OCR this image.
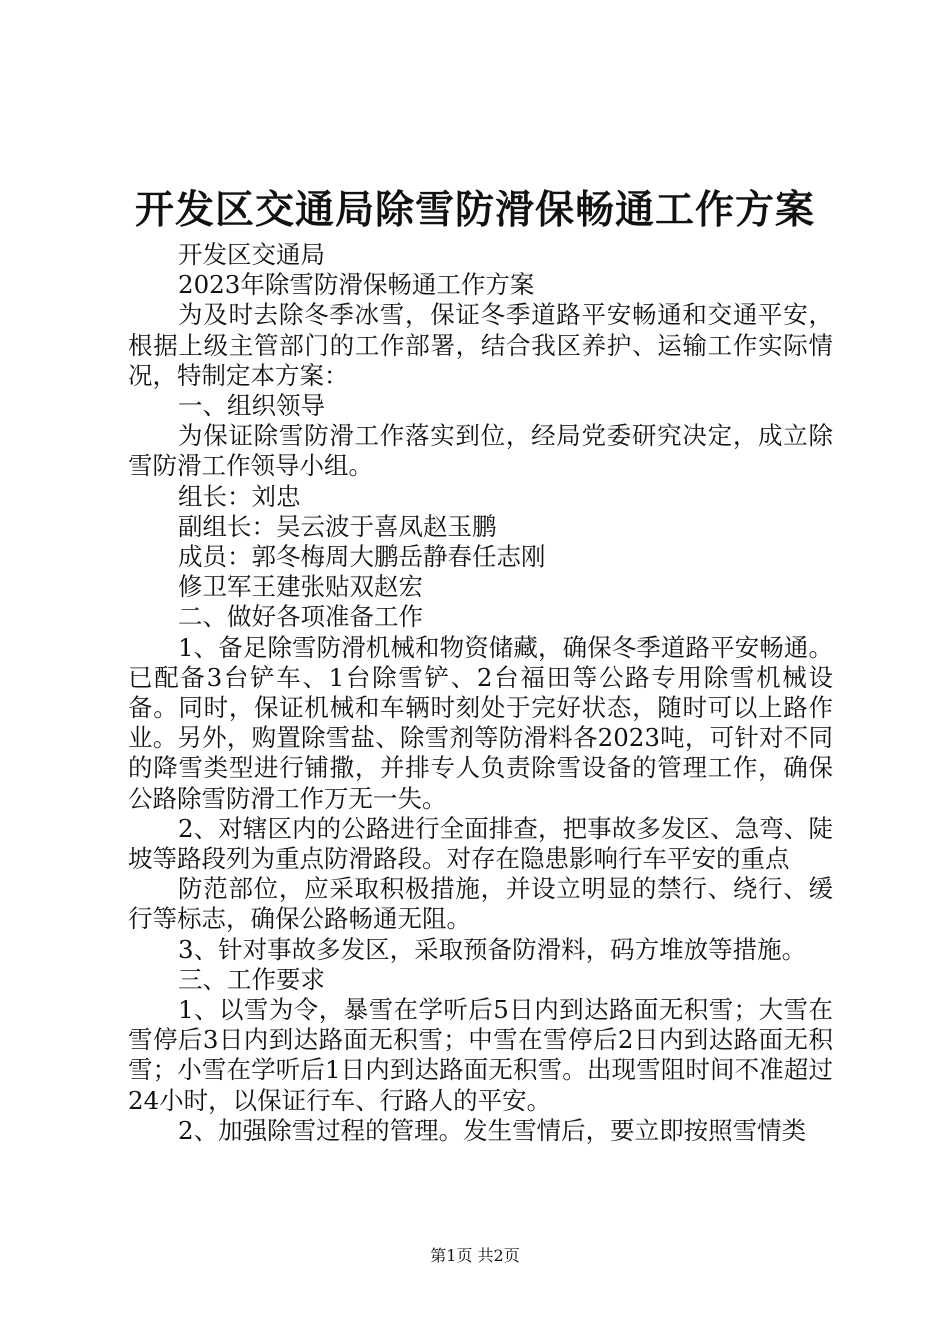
开发区交通局除雪防滑保畅通工作方案

开发区交通局

2023年除雪防滑保畅通工作方案

为及时去除冬季冰雪，保证冬季道路平安畅通和交通平安，根据上级主管部门的工作部署，结合我区养护、运输工作实际情况，特制定本方案：

一、组织领导

为保证除雪防滑工作落实到位，经局党委研究决定，成立除雪防滑工作领导小组。

组长：刘忠

副组长：吴云波于喜凤赵玉鹏

成员：郭冬梅周大鹏岳静春任志刚

修卫军王建张贴双赵宏

二、做好各项准备工作

1、备足除雪防滑机械和物资储藏，确保冬季道路平安畅通。已配备3台铲车、1台除雪铲、2台福田等公路专用除雪机械设备。同时，保证机械和车辆时刻处于完好状态，随时可以上路作业。另外，购置除雪盐、除雪剂等防滑料各2023吨，可针对不同的降雪类型进行铺撒，并排专人负责除雪设备的管理工作，确保公路除雪防滑工作万无一失。

2、对辖区内的公路进行全面排查，把事故多发区、急弯、陡坡等路段列为重点防滑路段。对存在隐患影响行车平安的重点

防范部位，应采取积极措施，并设立明显的禁行、绕行、缓行等标志，确保公路畅通无阻。

3、针对事故多发区，采取预备防滑料，码方堆放等措施。

三、工作要求

1、以雪为令，暴雪在学听后5日内到达路面无积雪；大雪在雪停后3日内到达路面无积雪；中雪在雪停后2日内到达路面无积雪；小雪在学听后1日内到达路面无积雪。出现雪阻时间不准超过24小时，以保证行车、行路人的平安。

2、加强除雪过程的管理。发生雪情后，要立即按照雪情类

第1页 共2页
